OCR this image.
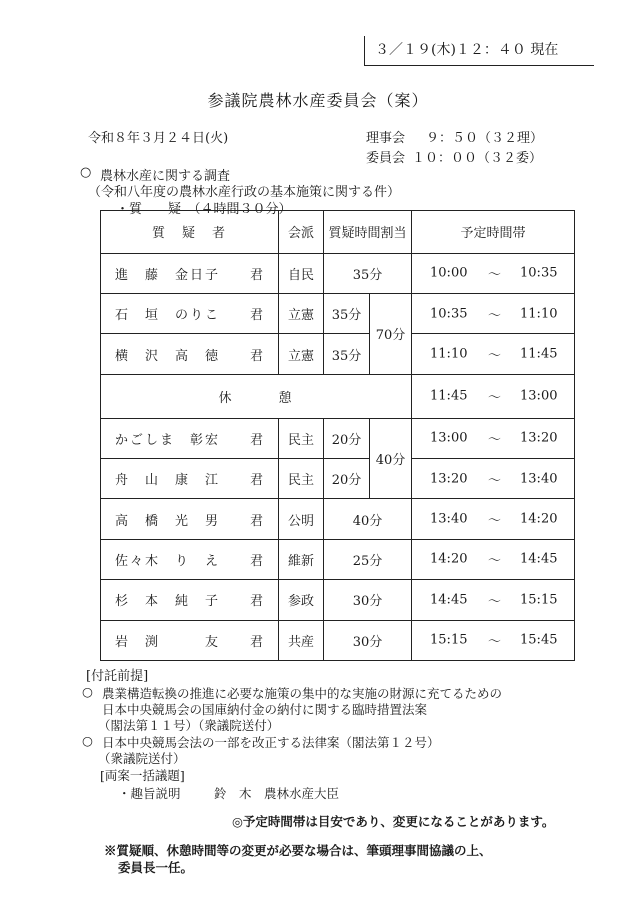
３／１９(木)１２：４０ 現在
参議院農林水産委員会（案）
令和８年３月２４日(火)	理事会 ９：５０（３２理）
委員会 １０：００（３２委）
○ 農林水産に関する調査
（令和八年度の農林水産行政の基本施策に関する件）
・質　　疑　（４時間３０分）
質　疑　者	会派	質疑時間割当		予定時間帯
進　藤　金日子　　君	自民	35分		10:00 ～ 10:35

石　垣　のりこ　　君	立憲	35分	70分	10:35 ～ 11:10

横　沢　高　徳　　君	立憲	35分		11:10 ～ 11:45

休　　　憩				11:45 ～ 13:00

かごしま　彰宏　　君	民主	20分	40分	13:00 ～ 13:20

舟　山　康　江　　君	民主	20分		13:20 ～ 13:40

高　橋　光　男　　君	公明	40分		13:40 ～ 14:20

佐々木　り　え　　君	維新	25分		14:20 ～ 14:45

杉　本　純　子　　君	参政	30分		14:45 ～ 15:15

岩　渕　　　友　　君	共産	30分		15:15 ～ 15:45
[付託前提]
○ 農業構造転換の推進に必要な施策の集中的な実施の財源に充てるための
日本中央競馬会の国庫納付金の納付に関する臨時措置法案
（閣法第１１号）（衆議院送付）
○ 日本中央競馬会法の一部を改正する法律案（閣法第１２号）
（衆議院送付）
[両案一括議題]
・趣旨説明	鈴　木　農林水産大臣
◎予定時間帯は目安であり、変更になることがあります。
※質疑順、休憩時間等の変更が必要な場合は、筆頭理事間協議の上、
委員長一任。
